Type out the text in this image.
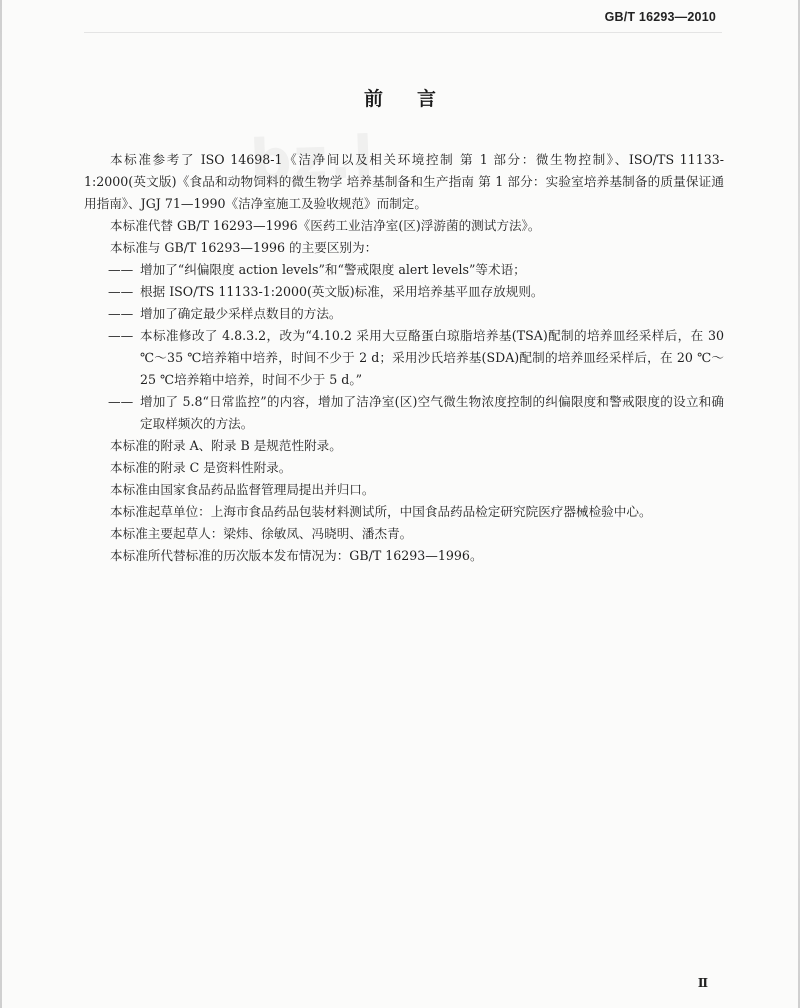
GB/T 16293—2010
bz.l
前言

本标准参考了 ISO 14698-1《洁净间以及相关环境控制 第 1 部分：微生物控制》、ISO/TS 11133-1:2000(英文版)《食品和动物饲料的微生物学 培养基制备和生产指南 第 1 部分：实验室培养基制备的质量保证通用指南》、JGJ 71—1990《洁净室施工及验收规范》而制定。

本标准代替 GB/T 16293—1996《医药工业洁净室(区)浮游菌的测试方法》。

本标准与 GB/T 16293—1996 的主要区别为：

—— 增加了“纠偏限度 action levels”和“警戒限度 alert levels”等术语；
—— 根据 ISO/TS 11133-1:2000(英文版)标准，采用培养基平皿存放规则。
—— 增加了确定最少采样点数目的方法。
—— 本标准修改了 4.8.3.2，改为“4.10.2 采用大豆酪蛋白琼脂培养基(TSA)配制的培养皿经采样后，在 30 ℃～35 ℃培养箱中培养，时间不少于 2 d；采用沙氏培养基(SDA)配制的培养皿经采样后，在 20 ℃～25 ℃培养箱中培养，时间不少于 5 d。”
—— 增加了 5.8“日常监控”的内容，增加了洁净室(区)空气微生物浓度控制的纠偏限度和警戒限度的设立和确定取样频次的方法。

本标准的附录 A、附录 B 是规范性附录。

本标准的附录 C 是资料性附录。

本标准由国家食品药品监督管理局提出并归口。

本标准起草单位：上海市食品药品包装材料测试所，中国食品药品检定研究院医疗器械检验中心。

本标准主要起草人：梁炜、徐敏凤、冯晓明、潘杰青。

本标准所代替标准的历次版本发布情况为：GB/T 16293—1996。

Ⅱ
